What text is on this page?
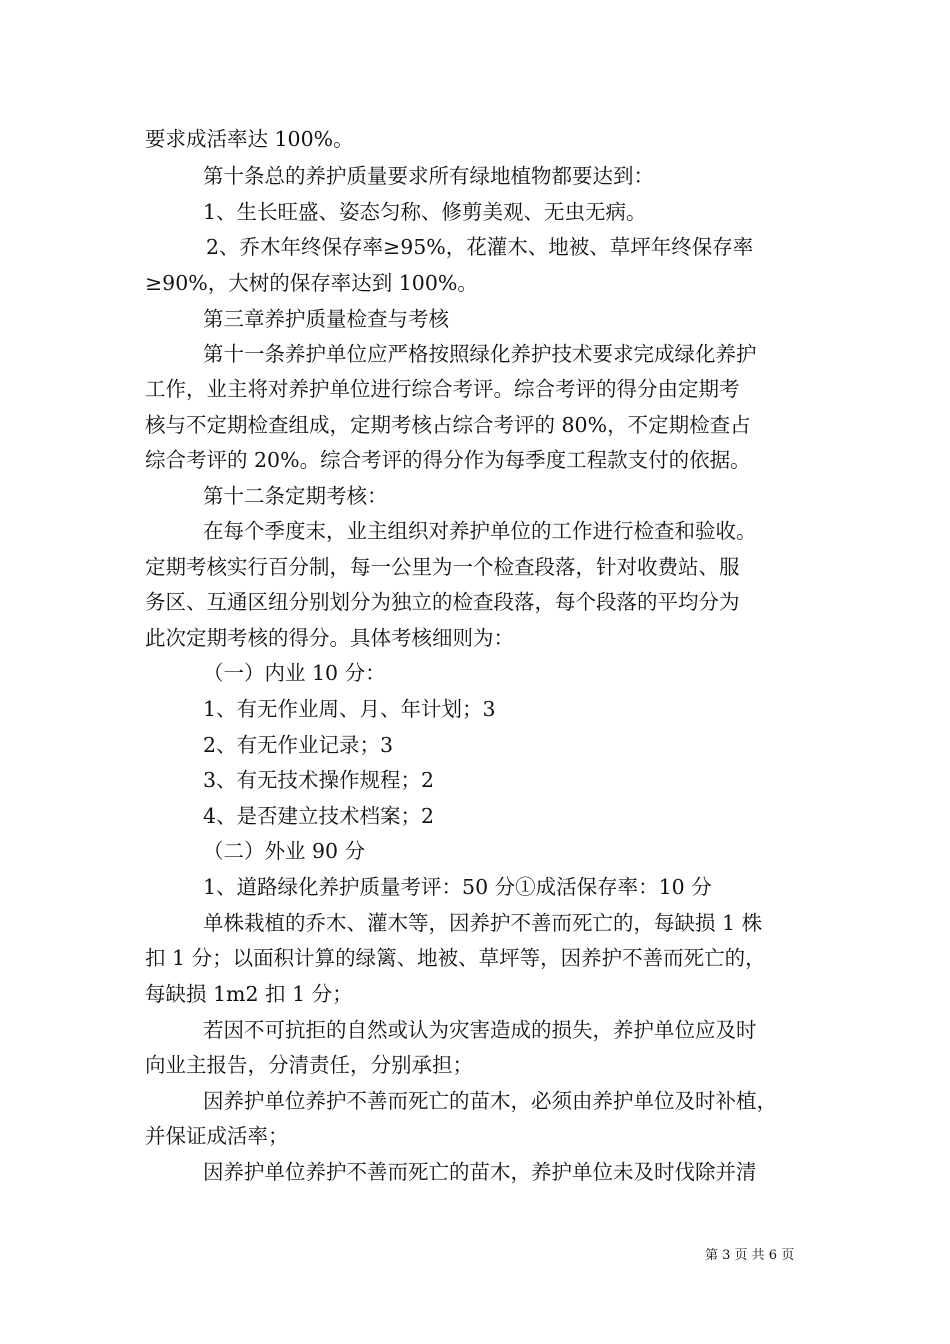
要求成活率达 100%。
第十条总的养护质量要求所有绿地植物都要达到：
1、生长旺盛、姿态匀称、修剪美观、无虫无病。
2、乔木年终保存率≥95%，花灌木、地被、草坪年终保存率
≥90%，大树的保存率达到 100%。
第三章养护质量检查与考核
第十一条养护单位应严格按照绿化养护技术要求完成绿化养护
工作，业主将对养护单位进行综合考评。综合考评的得分由定期考
核与不定期检查组成，定期考核占综合考评的 80%，不定期检查占
综合考评的 20%。综合考评的得分作为每季度工程款支付的依据。
第十二条定期考核：
在每个季度末，业主组织对养护单位的工作进行检查和验收。
定期考核实行百分制，每一公里为一个检查段落，针对收费站、服
务区、互通区纽分别划分为独立的检查段落，每个段落的平均分为
此次定期考核的得分。具体考核细则为：
（一）内业 10 分：
1、有无作业周、月、年计划；3
2、有无作业记录；3
3、有无技术操作规程；2
4、是否建立技术档案；2
（二）外业 90 分
1、道路绿化养护质量考评：50 分①成活保存率：10 分
单株栽植的乔木、灌木等，因养护不善而死亡的，每缺损 1 株
扣 1 分；以面积计算的绿篱、地被、草坪等，因养护不善而死亡的，
每缺损 1m2 扣 1 分；
若因不可抗拒的自然或认为灾害造成的损失，养护单位应及时
向业主报告，分清责任，分别承担；
因养护单位养护不善而死亡的苗木，必须由养护单位及时补植，
并保证成活率；
因养护单位养护不善而死亡的苗木，养护单位未及时伐除并清
第 3 页 共 6 页
